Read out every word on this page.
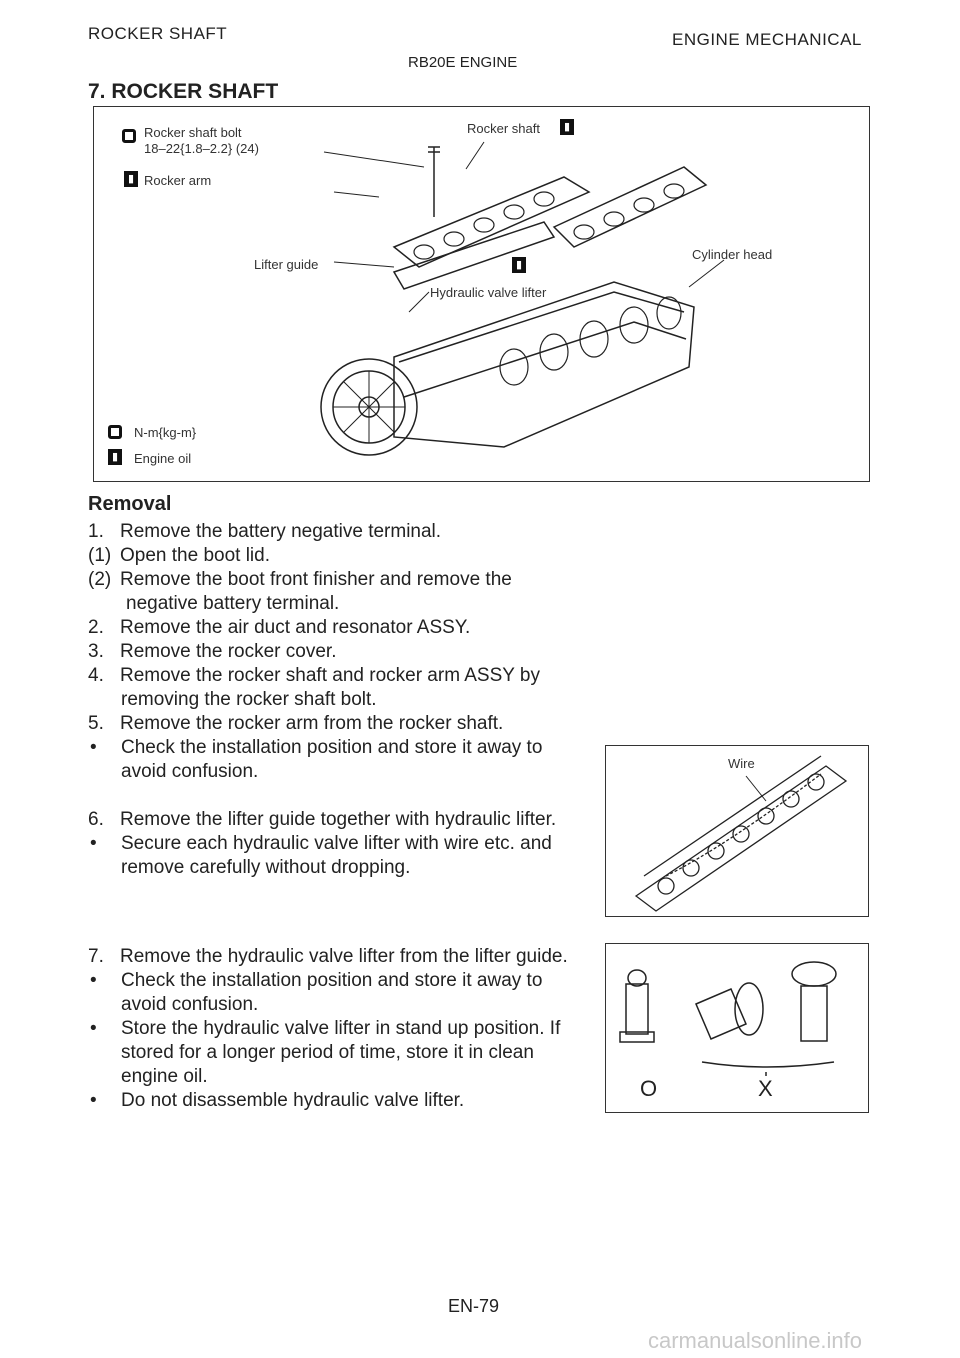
ROCKER SHAFT	ENGINE MECHANICAL
RB20E ENGINE
7. ROCKER SHAFT
Rocker shaft bolt
18–22{1.8–2.2} (24)
Rocker shaft	▮
▮ Rocker arm
Lifter guide	▮
Hydraulic valve lifter
Cylinder head
N-m{kg-m}
▮	Engine oil
Removal
1. Remove the battery negative terminal.
(1) Open the boot lid.
(2) Remove the boot front finisher and remove the
negative battery terminal.
2. Remove the air duct and resonator ASSY.
3. Remove the rocker cover.
4. Remove the rocker shaft and rocker arm ASSY by
removing the rocker shaft bolt.
5. Remove the rocker arm from the rocker shaft.
• Check the installation position and store it away to
avoid confusion.
6. Remove the lifter guide together with hydraulic lifter.
• Secure each hydraulic valve lifter with wire etc. and
remove carefully without dropping.
7. Remove the hydraulic valve lifter from the lifter guide.
• Check the installation position and store it away to
avoid confusion.
• Store the hydraulic valve lifter in stand up position. If
stored for a longer period of time, store it in clean
engine oil.
• Do not disassemble hydraulic valve lifter.
Wire
O	X
EN-79
carmanualsonline.info
